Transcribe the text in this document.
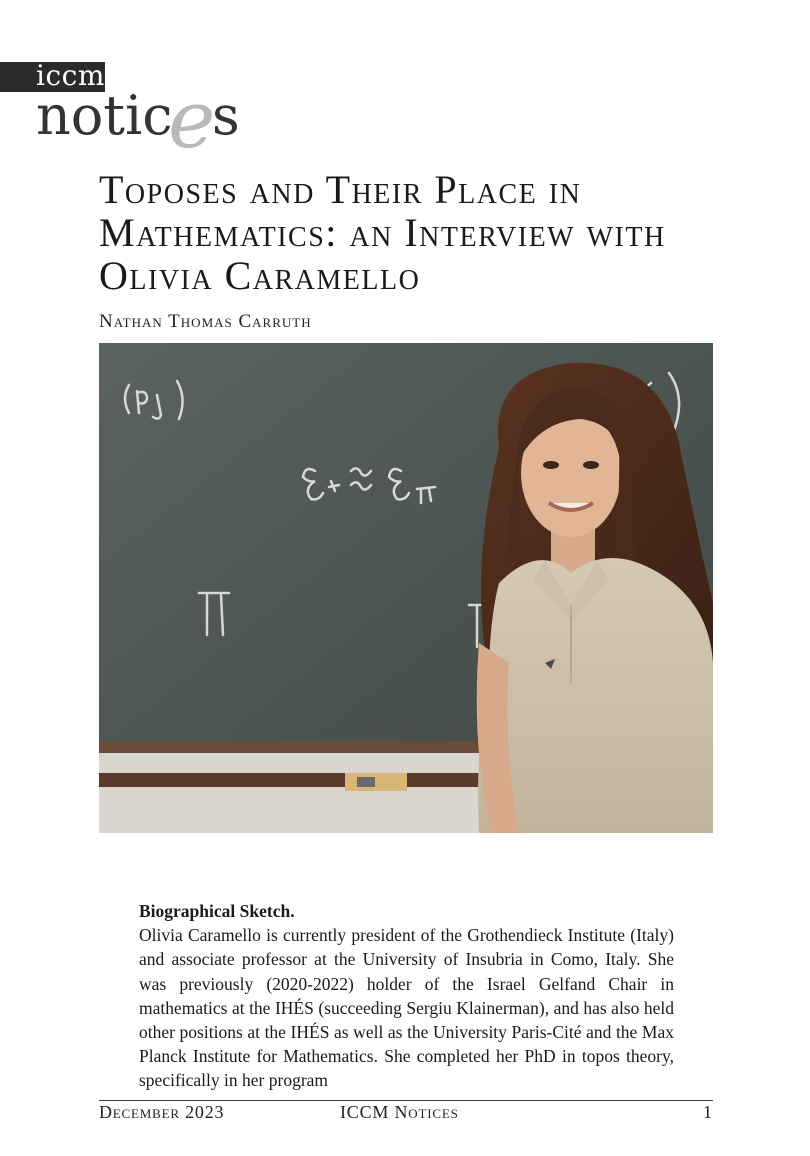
iccm
notic
e
s
Toposes and Their Place in Mathematics: an Interview with Olivia Caramello
Nathan Thomas Carruth
Biographical Sketch.
Olivia Caramello is currently president of the Grothendieck Institute (Italy) and associate professor at the University of Insubria in Como, Italy. She was previously (2020-2022) holder of the Israel Gelfand Chair in mathematics at the IHÉS (succeeding Sergiu Klainerman), and has also held other positions at the IHÉS as well as the University Paris-Cité and the Max Planck Institute for Mathematics. She completed her PhD in topos theory, specifically in her program
December 2023	ICCM Notices	1
